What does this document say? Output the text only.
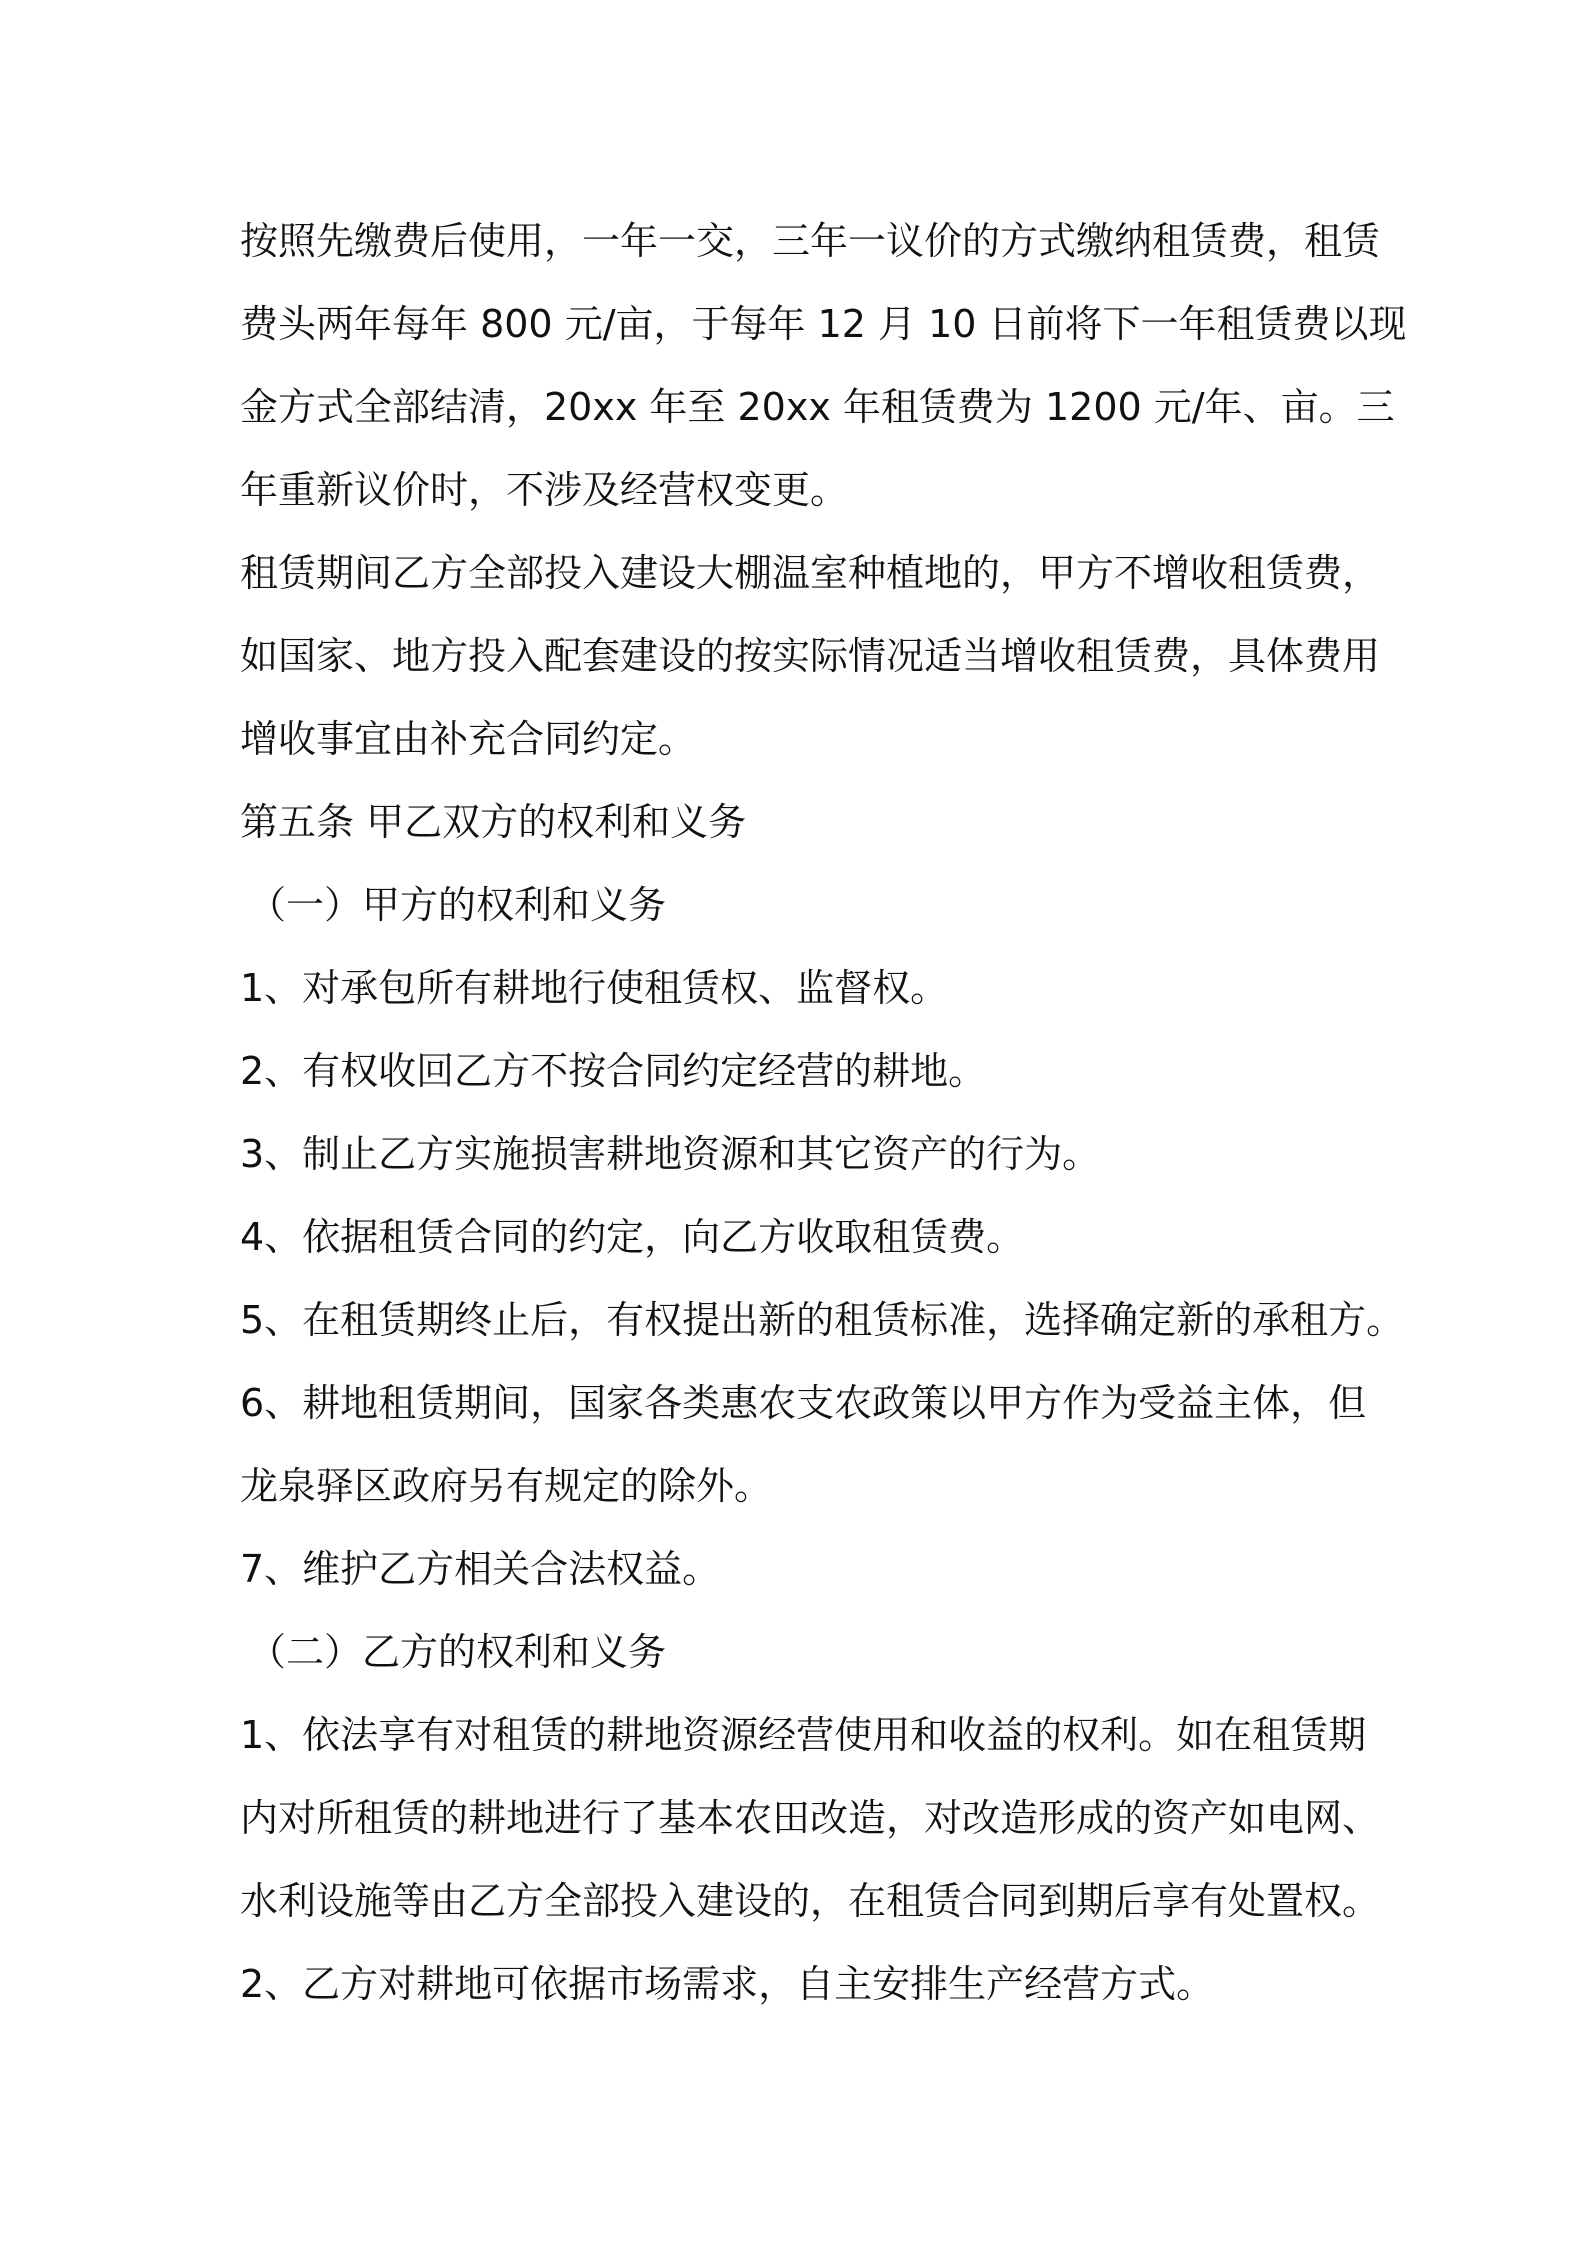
按照先缴费后使用，一年一交，三年一议价的方式缴纳租赁费，租赁
费头两年每年 800 元/亩，于每年 12 月 10 日前将下一年租赁费以现
金方式全部结清，20xx 年至 20xx 年租赁费为 1200 元/年、亩。三
年重新议价时，不涉及经营权变更。
租赁期间乙方全部投入建设大棚温室种植地的，甲方不增收租赁费，
如国家、地方投入配套建设的按实际情况适当增收租赁费，具体费用
增收事宜由补充合同约定。
第五条 甲乙双方的权利和义务
（一）甲方的权利和义务
1、对承包所有耕地行使租赁权、监督权。
2、有权收回乙方不按合同约定经营的耕地。
3、制止乙方实施损害耕地资源和其它资产的行为。
4、依据租赁合同的约定，向乙方收取租赁费。
5、在租赁期终止后，有权提出新的租赁标准，选择确定新的承租方。
6、耕地租赁期间，国家各类惠农支农政策以甲方作为受益主体，但
龙泉驿区政府另有规定的除外。
7、维护乙方相关合法权益。
（二）乙方的权利和义务
1、依法享有对租赁的耕地资源经营使用和收益的权利。如在租赁期
内对所租赁的耕地进行了基本农田改造，对改造形成的资产如电网、
水利设施等由乙方全部投入建设的，在租赁合同到期后享有处置权。
2、乙方对耕地可依据市场需求，自主安排生产经营方式。
